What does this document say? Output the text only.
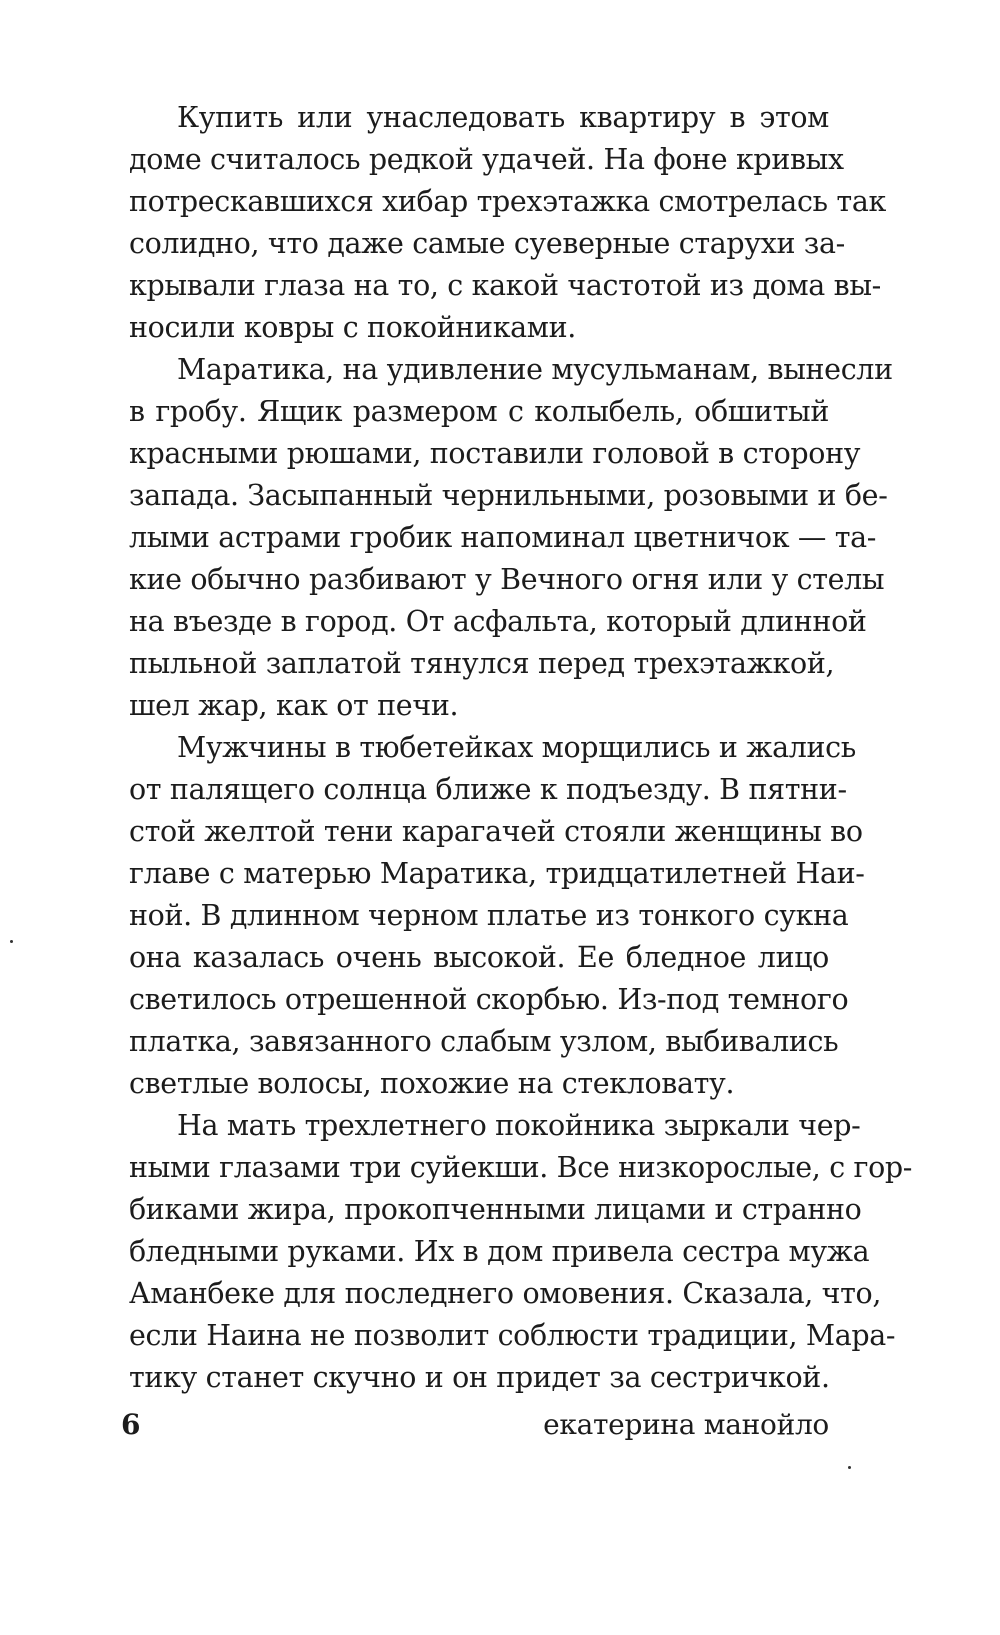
Купить или унаследовать квартиру в этом
доме считалось редкой удачей. На фоне кривых
потрескавшихся хибар трехэтажка смотрелась так
солидно, что даже самые суеверные старухи за-
крывали глаза на то, с какой частотой из дома вы-
носили ковры с покойниками.
Маратика, на удивление мусульманам, вынесли
в гробу. Ящик размером с колыбель, обшитый
красными рюшами, поставили головой в сторону
запада. Засыпанный чернильными, розовыми и бе-
лыми астрами гробик напоминал цветничок — та-
кие обычно разбивают у Вечного огня или у стелы
на въезде в город. От асфальта, который длинной
пыльной заплатой тянулся перед трехэтажкой,
шел жар, как от печи.
Мужчины в тюбетейках морщились и жались
от палящего солнца ближе к подъезду. В пятни-
стой желтой тени карагачей стояли женщины во
главе с матерью Маратика, тридцатилетней Наи-
ной. В длинном черном платье из тонкого сукна
она казалась очень высокой. Ее бледное лицо
светилось отрешенной скорбью. Из-под темного
платка, завязанного слабым узлом, выбивались
светлые волосы, похожие на стекловату.
На мать трехлетнего покойника зыркали чер-
ными глазами три суйекши. Все низкорослые, с гор-
биками жира, прокопченными лицами и странно
бледными руками. Их в дом привела сестра мужа
Аманбеке для последнего омовения. Сказала, что,
если Наина не позволит соблюсти традиции, Мара-
тику станет скучно и он придет за сестричкой.
6	екатерина манойло
